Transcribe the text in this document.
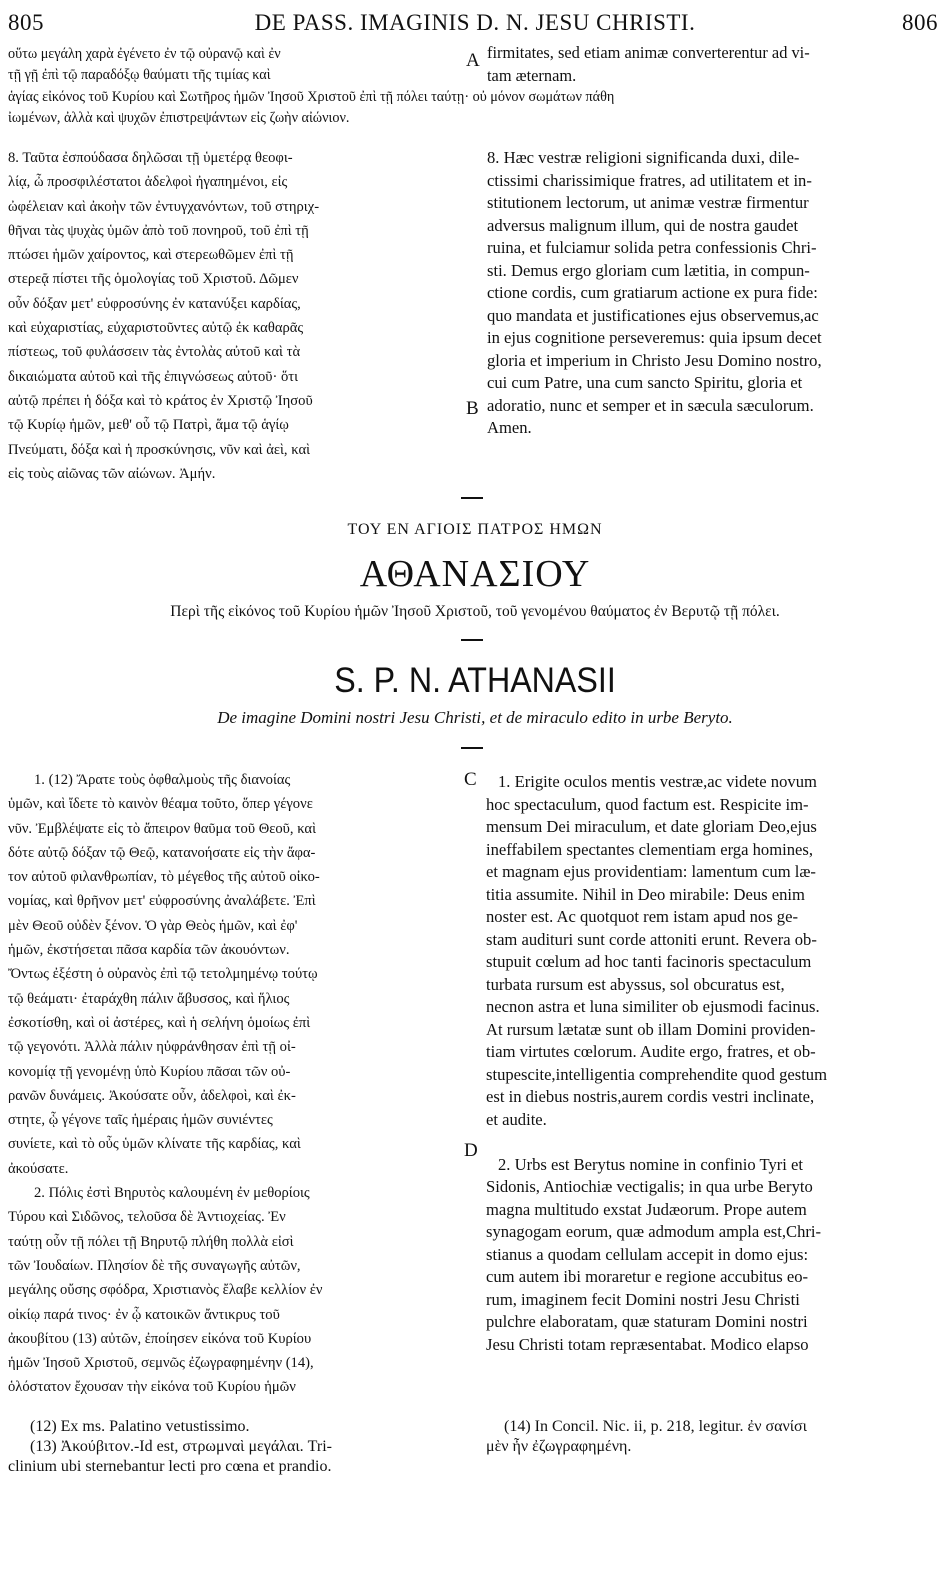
805	DE PASS. IMAGINIS D. N. JESU CHRISTI.	806
οὕτω μεγάλη χαρὰ ἐγένετο ἐν τῷ οὐρανῷ καὶ ἐν
τῇ γῇ ἐπὶ τῷ παραδόξῳ θαύματι τῆς τιμίας καὶ
A firmitates, sed etiam animæ converterentur ad vi-
tam æternam.
ἁγίας εἰκόνος τοῦ Κυρίου καὶ Σωτῆρος ἡμῶν Ἰησοῦ Χριστοῦ ἐπὶ τῇ πόλει ταύτῃ· οὐ μόνον σωμάτων πάθη
ἰωμένων, ἀλλὰ καὶ ψυχῶν ἐπιστρεψάντων εἰς ζωὴν αἰώνιον.
8. Ταῦτα ἐσπούδασα δηλῶσαι τῇ ὑμετέρᾳ θεοφι-
λίᾳ, ὦ προσφιλέστατοι ἀδελφοὶ ἠγαπημένοι, εἰς
ὠφέλειαν καὶ ἀκοὴν τῶν ἐντυγχανόντων, τοῦ στηριχ-
θῆναι τὰς ψυχὰς ὑμῶν ἀπὸ τοῦ πονηροῦ, τοῦ ἐπὶ τῇ
πτώσει ἡμῶν χαίροντος, καὶ στερεωθῶμεν ἐπὶ τῇ
στερεᾷ πίστει τῆς ὁμολογίας τοῦ Χριστοῦ. Δῶμεν
οὖν δόξαν μετ' εὐφροσύνης ἐν κατανύξει καρδίας,
καὶ εὐχαριστίας, εὐχαριστοῦντες αὐτῷ ἐκ καθαρᾶς
πίστεως, τοῦ φυλάσσειν τὰς ἐντολὰς αὐτοῦ καὶ τὰ
δικαιώματα αὐτοῦ καὶ τῆς ἐπιγνώσεως αὐτοῦ· ὅτι
αὐτῷ πρέπει ἡ δόξα καὶ τὸ κράτος ἐν Χριστῷ Ἰησοῦ
τῷ Κυρίῳ ἡμῶν, μεθ' οὗ τῷ Πατρὶ, ἅμα τῷ ἁγίῳ
Πνεύματι, δόξα καὶ ἡ προσκύνησις, νῦν καὶ ἀεὶ, καὶ
εἰς τοὺς αἰῶνας τῶν αἰώνων. Ἀμήν.
B
8. Hæc vestræ religioni significanda duxi, dile-
ctissimi charissimique fratres, ad utilitatem et in-
stitutionem lectorum, ut animæ vestræ firmentur
adversus malignum illum, qui de nostra gaudet
ruina, et fulciamur solida petra confessionis Chri-
sti. Demus ergo gloriam cum lætitia, in compun-
ctione cordis, cum gratiarum actione ex pura fide:
quo mandata et justificationes ejus observemus,ac
in ejus cognitione perseveremus: quia ipsum decet
gloria et imperium in Christo Jesu Domino nostro,
cui cum Patre, una cum sancto Spiritu, gloria et
adoratio, nunc et semper et in sæcula sæculorum.
Amen.
ΤΟΥ ΕΝ ΑΓΙΟΙΣ ΠΑΤΡΟΣ ΗΜΩΝ
ΑΘΑΝΑΣΙΟΥ
Περὶ τῆς εἰκόνος τοῦ Κυρίου ἡμῶν Ἰησοῦ Χριστοῦ, τοῦ γενομένου θαύματος ἐν Βερυτῷ τῇ πόλει.
S. P. N. ATHANASII
De imagine Domini nostri Jesu Christi, et de miraculo edito in urbe Beryto.
1. (12) Ἄρατε τοὺς ὀφθαλμοὺς τῆς διανοίας
ὑμῶν, καὶ ἴδετε τὸ καινὸν θέαμα τοῦτο, ὅπερ γέγονε
νῦν. Ἐμβλέψατε εἰς τὸ ἄπειρον θαῦμα τοῦ Θεοῦ, καὶ
δότε αὐτῷ δόξαν τῷ Θεῷ, κατανοήσατε εἰς τὴν ἄφα-
τον αὐτοῦ φιλανθρωπίαν, τὸ μέγεθος τῆς αὐτοῦ οἰκο-
νομίας, καὶ θρῆνον μετ' εὐφροσύνης ἀναλάβετε. Ἐπὶ
μὲν Θεοῦ οὐδὲν ξένον. Ὁ γὰρ Θεὸς ἡμῶν, καὶ ἐφ'
ἡμῶν, ἐκστήσεται πᾶσα καρδία τῶν ἀκουόντων.
Ὄντως ἐξέστη ὁ οὐρανὸς ἐπὶ τῷ τετολμημένῳ τούτῳ
τῷ θεάματι· ἐταράχθη πάλιν ἄβυσσος, καὶ ἥλιος
ἐσκοτίσθη, καὶ οἱ ἀστέρες, καὶ ἡ σελήνη ὁμοίως ἐπὶ
τῷ γεγονότι. Ἀλλὰ πάλιν ηὐφράνθησαν ἐπὶ τῇ οἰ-
κονομίᾳ τῇ γενομένῃ ὑπὸ Κυρίου πᾶσαι τῶν οὐ-
ρανῶν δυνάμεις. Ἀκούσατε οὖν, ἀδελφοὶ, καὶ ἐκ-
στητε, ᾧ γέγονε ταῖς ἡμέραις ἡμῶν συνιέντες
συνίετε, καὶ τὸ οὖς ὑμῶν κλίνατε τῆς καρδίας, καὶ
ἀκούσατε.
2. Πόλις ἐστὶ Βηρυτὸς καλουμένη ἐν μεθορίοις
Τύρου καὶ Σιδῶνος, τελοῦσα δὲ Ἀντιοχείας. Ἐν
ταύτῃ οὖν τῇ πόλει τῇ Βηρυτῷ πλήθη πολλὰ εἰσὶ
τῶν Ἰουδαίων. Πλησίον δὲ τῆς συναγωγῆς αὐτῶν,
μεγάλης οὔσης σφόδρα, Χριστιανὸς ἔλαβε κελλίον ἐν
οἰκίῳ παρά τινος· ἐν ᾧ κατοικῶν ἄντικρυς τοῦ
ἀκουβίτου (13) αὐτῶν, ἐποίησεν εἰκόνα τοῦ Κυρίου
ἡμῶν Ἰησοῦ Χριστοῦ, σεμνῶς ἐζωγραφημένην (14),
ὁλόστατον ἔχουσαν τὴν εἰκόνα τοῦ Κυρίου ἡμῶν
C
D
1. Erigite oculos mentis vestræ,ac videte novum
hoc spectaculum, quod factum est. Respicite im-
mensum Dei miraculum, et date gloriam Deo,ejus
ineffabilem spectantes clementiam erga homines,
et magnam ejus providentiam: lamentum cum læ-
titia assumite. Nihil in Deo mirabile: Deus enim
noster est. Ac quotquot rem istam apud nos ge-
stam audituri sunt corde attoniti erunt. Revera ob-
stupuit cœlum ad hoc tanti facinoris spectaculum
turbata rursum est abyssus, sol obcuratus est,
necnon astra et luna similiter ob ejusmodi facinus.
At rursum lætatæ sunt ob illam Domini providen-
tiam virtutes cœlorum. Audite ergo, fratres, et ob-
stupescite,intelligentia comprehendite quod gestum
est in diebus nostris,aurem cordis vestri inclinate,
et audite.
2. Urbs est Berytus nomine in confinio Tyri et
Sidonis, Antiochiæ vectigalis; in qua urbe Beryto
magna multitudo exstat Judæorum. Prope autem
synagogam eorum, quæ admodum ampla est,Chri-
stianus a quodam cellulam accepit in domo ejus:
cum autem ibi moraretur e regione accubitus eo-
rum, imaginem fecit Domini nostri Jesu Christi
pulchre elaboratam, quæ staturam Domini nostri
Jesu Christi totam repræsentabat. Modico elapso
(12) Ex ms. Palatino vetustissimo.
(13) Ἀκούβιτον.-Id est, στρωμναὶ μεγάλαι. Tri-
clinium ubi sternebantur lecti pro cœna et prandio.
(14) In Concil. Nic. ii, p. 218, legitur. ἐν σανίσι
μὲν ἦν ἐζωγραφημένη.
